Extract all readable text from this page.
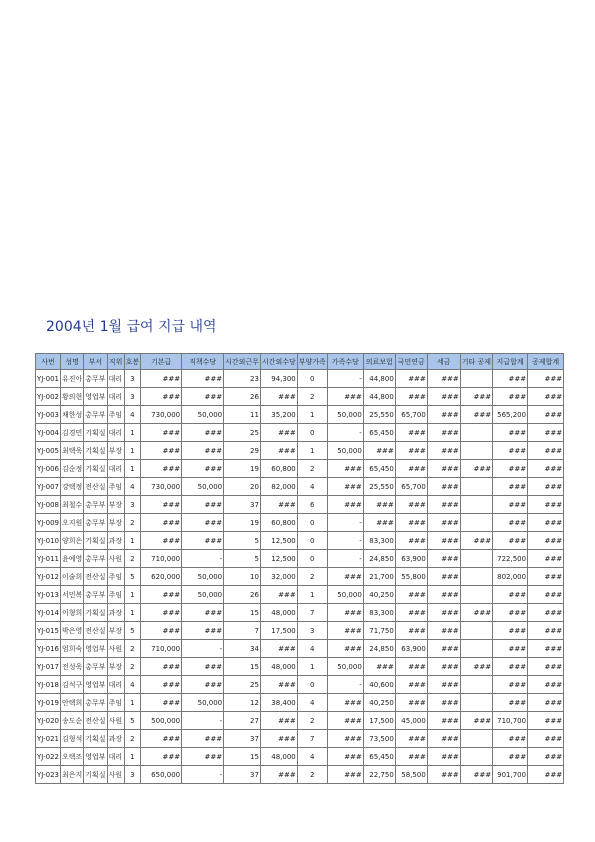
2004년 1월 급여 지급 내역
사번	성명	부서	직위	호봉	기본급	직책수당	시간외근무	시간외수당	부양가족	가족수당	의료보험	국민연금	세금	기타 공제	지급합계	공제합계
YJ-001	유진아	총무부	대리	3	###	###	23	94,300	0	-	44,800	###	###		###	###
YJ-002	황의현	영업부	대리	3	###	###	26	###	2	###	44,800	###	###	###	###	###
YJ-003	채한성	총무부	주임	4	730,000	50,000	11	35,200	1	50,000	25,550	65,700	###	###	565,200	###
YJ-004	김경민	기획실	대리	1	###	###	25	###	0	-	65,450	###	###		###	###
YJ-005	최택욱	기획실	부장	1	###	###	29	###	1	50,000	###	###	###		###	###
YJ-006	김순정	기획실	대리	1	###	###	19	60,800	2	###	65,450	###	###	###	###	###
YJ-007	강택정	전산실	주임	4	730,000	50,000	20	82,000	4	###	25,550	65,700	###		###	###
YJ-008	최철수	총무부	부장	3	###	###	37	###	6	###	###	###	###		###	###
YJ-009	오지원	총무부	부장	2	###	###	19	60,800	0	-	###	###	###		###	###
YJ-010	양희은	기획실	과장	1	###	###	5	12,500	0	-	83,300	###	###	###	###	###
YJ-011	윤예영	총무부	사원	2	710,000	-	5	12,500	0	-	24,850	63,900	###		722,500	###
YJ-012	이술희	전산실	주임	5	620,000	50,000	10	32,000	2	###	21,700	55,800	###		802,000	###
YJ-013	서민복	총무부	주임	1	###	50,000	26	###	1	50,000	40,250	###	###		###	###
YJ-014	이형희	기획실	과장	1	###	###	15	48,000	7	###	83,300	###	###	###	###	###
YJ-015	박은영	전산실	부장	5	###	###	7	17,500	3	###	71,750	###	###		###	###
YJ-016	엄희숙	영업부	사원	2	710,000	-	34	###	4	###	24,850	63,900	###		###	###
YJ-017	전성욱	총무부	부장	2	###	###	15	48,000	1	50,000	###	###	###	###	###	###
YJ-018	김석구	영업부	대리	4	###	###	25	###	0	-	40,600	###	###		###	###
YJ-019	안택희	총무부	주임	1	###	50,000	12	38,400	4	###	40,250	###	###		###	###
YJ-020	송도순	전산실	사원	5	500,000	-	27	###	2	###	17,500	45,000	###	###	710,700	###
YJ-021	김형석	기획실	과장	2	###	###	37	###	7	###	73,500	###	###		###	###
YJ-022	오택조	영업부	대리	1	###	###	15	48,000	4	###	65,450	###	###		###	###
YJ-023	최은지	기획실	사원	3	650,000	-	37	###	2	###	22,750	58,500	###	###	901,700	###
